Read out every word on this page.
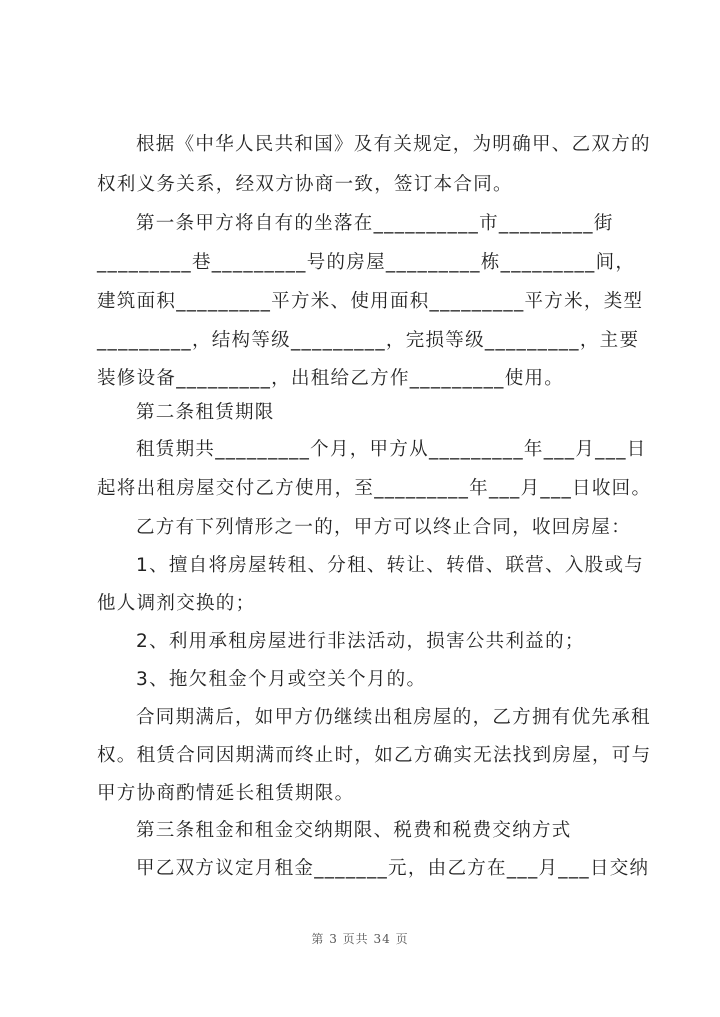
根据《中华人民共和国》及有关规定，为明确甲、乙双方的
权利义务关系，经双方协商一致，签订本合同。
第一条甲方将自有的坐落在__________市_________街
_________巷_________号的房屋_________栋_________间，
建筑面积_________平方米、使用面积_________平方米，类型
_________，结构等级_________，完损等级_________，主要
装修设备_________，出租给乙方作_________使用。
第二条租赁期限
租赁期共_________个月，甲方从_________年___月___日
起将出租房屋交付乙方使用，至_________年___月___日收回。
乙方有下列情形之一的，甲方可以终止合同，收回房屋：
1、擅自将房屋转租、分租、转让、转借、联营、入股或与
他人调剂交换的；
2、利用承租房屋进行非法活动，损害公共利益的；
3、拖欠租金个月或空关个月的。
合同期满后，如甲方仍继续出租房屋的，乙方拥有优先承租
权。租赁合同因期满而终止时，如乙方确实无法找到房屋，可与
甲方协商酌情延长租赁期限。
第三条租金和租金交纳期限、税费和税费交纳方式
甲乙双方议定月租金_______元，由乙方在___月___日交纳
第 3 页共 34 页
